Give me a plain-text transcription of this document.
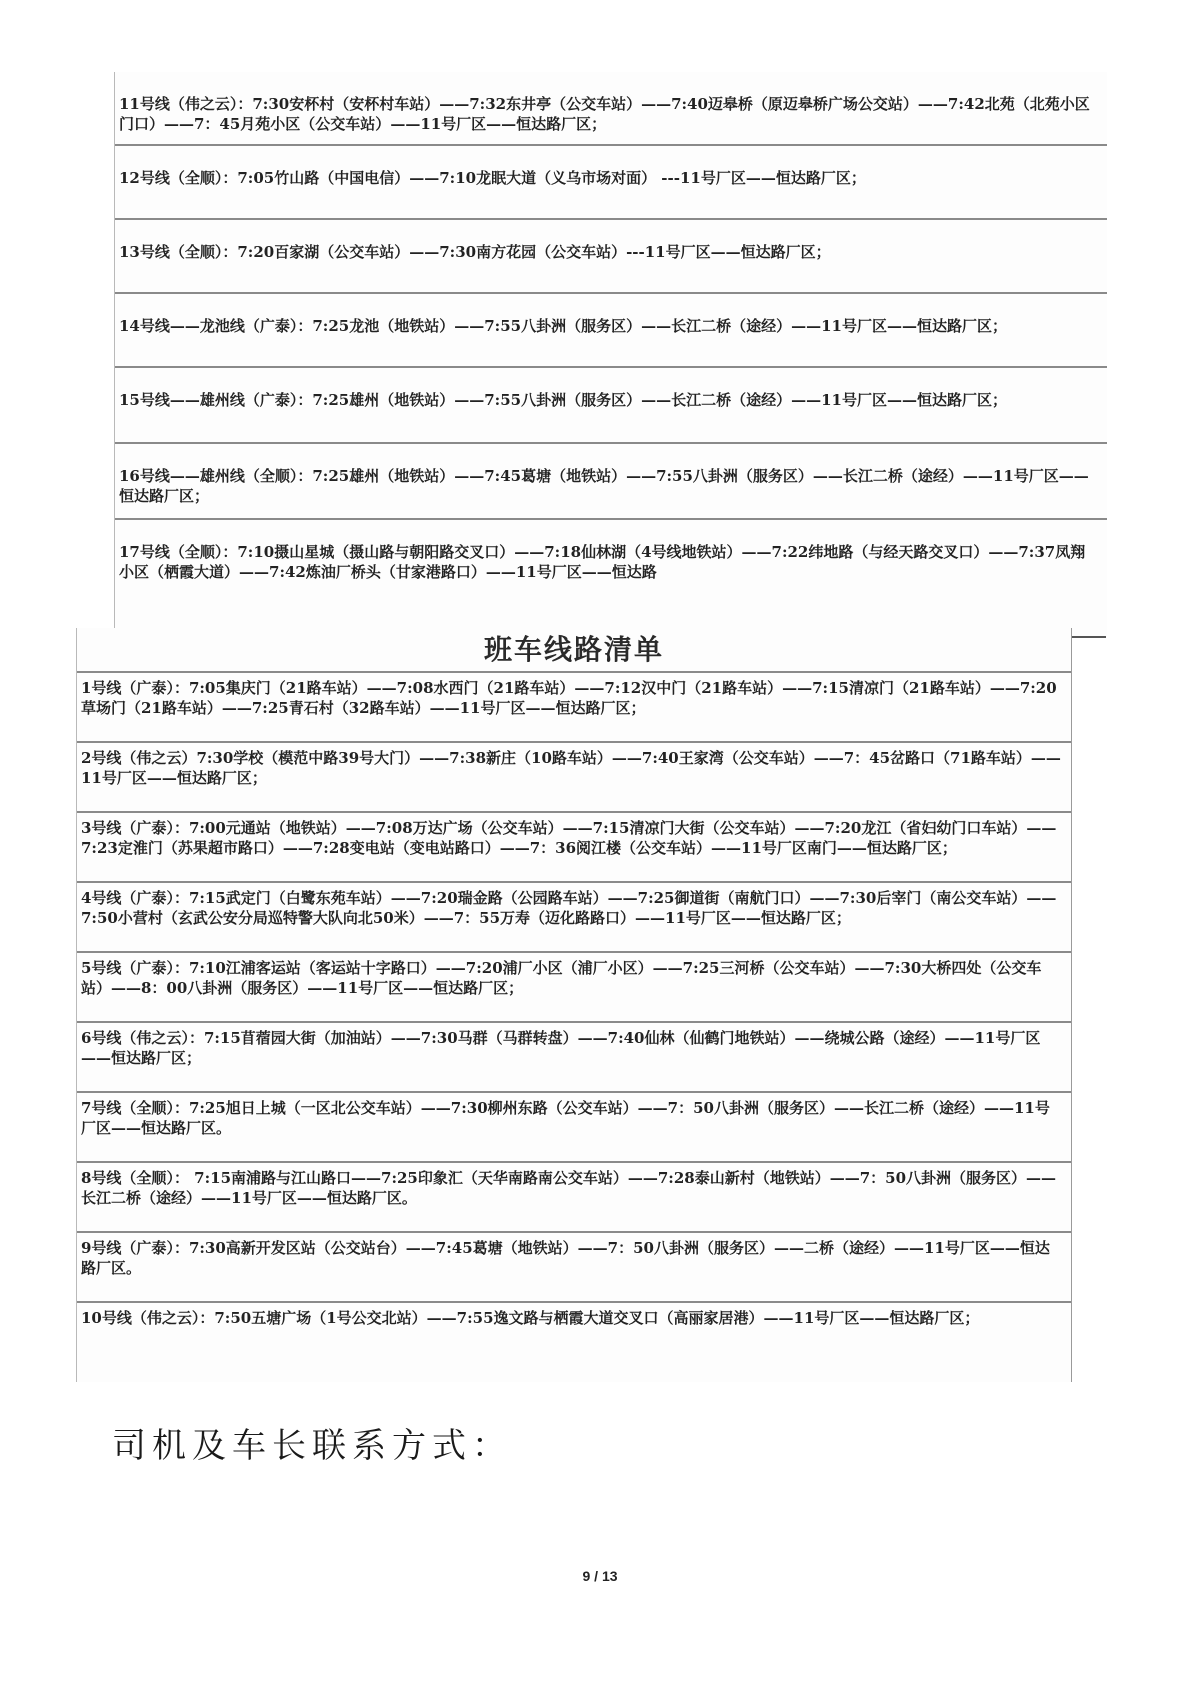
11号线（伟之云）：7:30安杯村（安杯村车站）——7:32东井亭（公交车站）——7:40迈皋桥（原迈皋桥广场公交站）——7:42北苑（北苑小区门口）——7：45月苑小区（公交车站）——11号厂区——恒达路厂区；
12号线（全顺）：7:05竹山路（中国电信）——7:10龙眠大道（义乌市场对面） ---11号厂区——恒达路厂区；
13号线（全顺）：7:20百家湖（公交车站）——7:30南方花园（公交车站）---11号厂区——恒达路厂区；
14号线——龙池线（广泰）：7:25龙池（地铁站）——7:55八卦洲（服务区）——长江二桥（途经）——11号厂区——恒达路厂区；
15号线——雄州线（广泰）：7:25雄州（地铁站）——7:55八卦洲（服务区）——长江二桥（途经）——11号厂区——恒达路厂区；
16号线——雄州线（全顺）：7:25雄州（地铁站）——7:45葛塘（地铁站）——7:55八卦洲（服务区）——长江二桥（途经）——11号厂区——恒达路厂区；
17号线（全顺）：7:10摄山星城（摄山路与朝阳路交叉口）——7:18仙林湖（4号线地铁站）——7:22纬地路（与经天路交叉口）——7:37凤翔小区（栖霞大道）——7:42炼油厂桥头（甘家港路口）——11号厂区——恒达路
班车线路清单
1号线（广泰）：7:05集庆门（21路车站）——7:08水西门（21路车站）——7:12汉中门（21路车站）——7:15清凉门（21路车站）——7:20草场门（21路车站）——7:25青石村（32路车站）——11号厂区——恒达路厂区；
2号线（伟之云）7:30学校（模范中路39号大门）——7:38新庄（10路车站）——7:40王家湾（公交车站）——7：45岔路口（71路车站）——11号厂区——恒达路厂区；
3号线（广泰）：7:00元通站（地铁站）——7:08万达广场（公交车站）——7:15清凉门大街（公交车站）——7:20龙江（省妇幼门口车站）——7:23定淮门（苏果超市路口）——7:28变电站（变电站路口）——7：36阅江楼（公交车站）——11号厂区南门——恒达路厂区；
4号线（广泰）：7:15武定门（白鹭东苑车站）——7:20瑞金路（公园路车站）——7:25御道街（南航门口）——7:30后宰门（南公交车站）——7:50小营村（玄武公安分局巡特警大队向北50米）——7：55万寿（迈化路路口）——11号厂区——恒达路厂区；
5号线（广泰）：7:10江浦客运站（客运站十字路口）——7:20浦厂小区（浦厂小区）——7:25三河桥（公交车站）——7:30大桥四处（公交车站）——8：00八卦洲（服务区）——11号厂区——恒达路厂区；
6号线（伟之云）：7:15苜蓿园大街（加油站）——7:30马群（马群转盘）——7:40仙林（仙鹤门地铁站）——绕城公路（途经）——11号厂区——恒达路厂区；
7号线（全顺）：7:25旭日上城（一区北公交车站）——7:30柳州东路（公交车站）——7：50八卦洲（服务区）——长江二桥（途经）——11号厂区——恒达路厂区。
8号线（全顺）： 7:15南浦路与江山路口——7:25印象汇（天华南路南公交车站）——7:28泰山新村（地铁站）——7：50八卦洲（服务区）——长江二桥（途经）——11号厂区——恒达路厂区。
9号线（广泰）：7:30高新开发区站（公交站台）——7:45葛塘（地铁站）——7：50八卦洲（服务区）——二桥（途经）——11号厂区——恒达路厂区。
10号线（伟之云）：7:50五塘广场（1号公交北站）——7:55逸文路与栖霞大道交叉口（高丽家居港）——11号厂区——恒达路厂区；
司机及车长联系方式：
9 / 13
